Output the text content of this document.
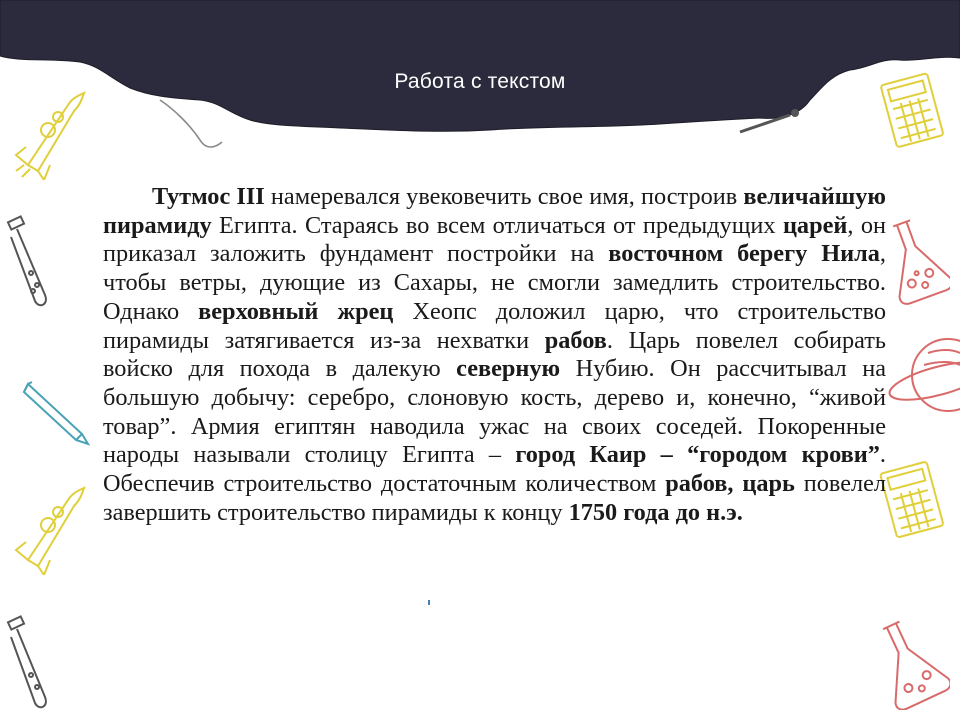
Работа с текстом
Тутмос III намеревался увековечить свое имя, построив величайшую пирамиду Египта. Стараясь во всем отличаться от предыдущих царей, он приказал заложить фундамент постройки на восточном берегу Нила, чтобы ветры, дующие из Сахары, не смогли замедлить строительство. Однако верховный жрец Хеопс доложил царю, что строительство пирамиды затягивается из-за нехватки рабов. Царь повелел собирать войско для похода в далекую северную Нубию. Он рассчитывал на большую добычу: серебро, слоновую кость, дерево и, конечно, “живой товар”. Армия египтян наводила ужас на своих соседей. Покоренные народы называли столицу Египта – город Каир – “городом крови”. Обеспечив строительство достаточным количеством рабов, царь повелел завершить строительство пирамиды к концу 1750 года до н.э.
